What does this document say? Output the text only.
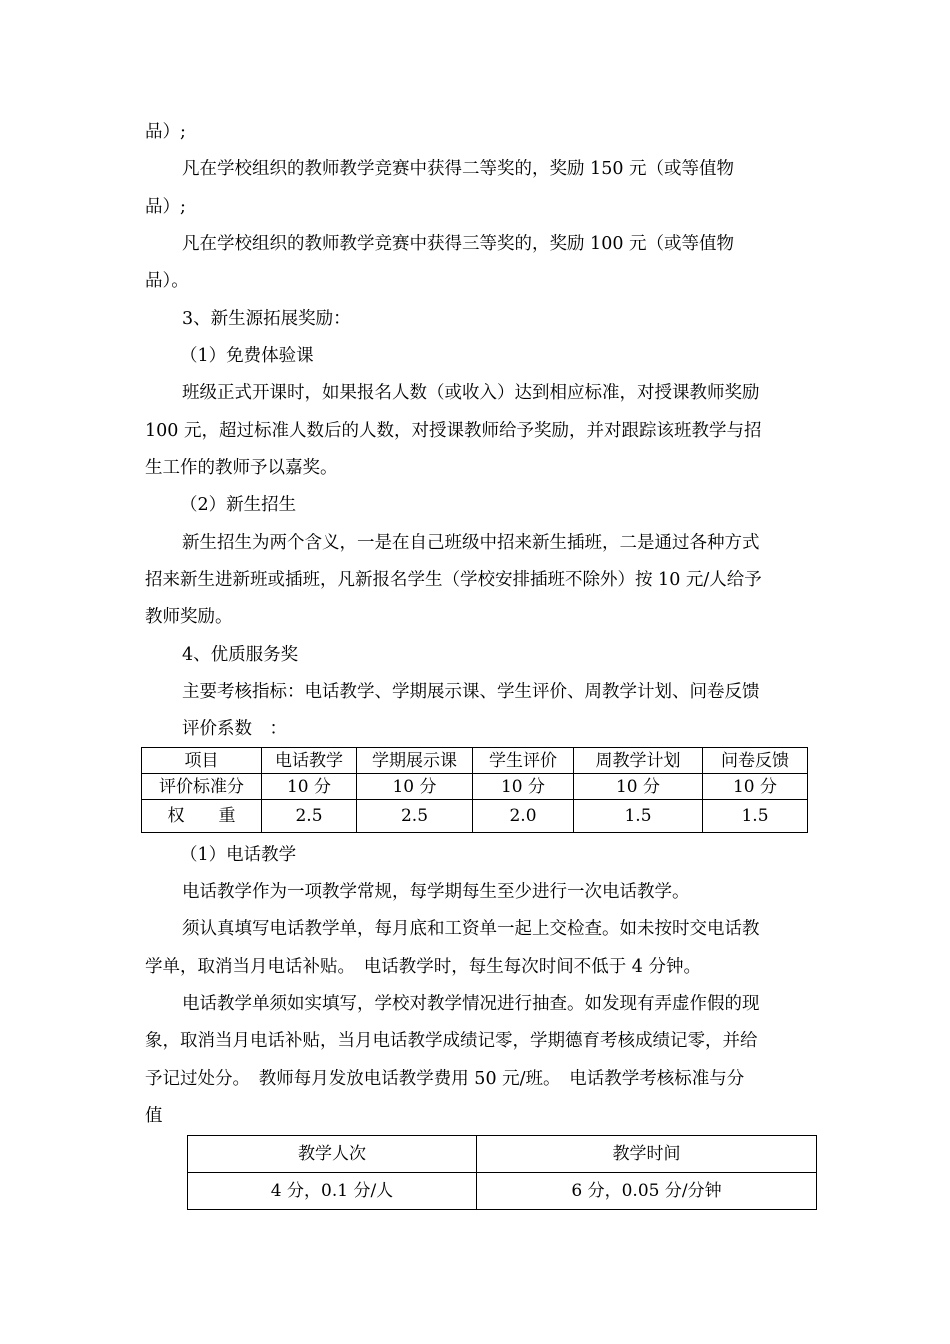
品）;
凡在学校组织的教师教学竞赛中获得二等奖的，奖励 150 元（或等值物
品）;
凡在学校组织的教师教学竞赛中获得三等奖的，奖励 100 元（或等值物
品）。
3、新生源拓展奖励：
（1）免费体验课
班级正式开课时，如果报名人数（或收入）达到相应标准，对授课教师奖励
100 元，超过标准人数后的人数，对授课教师给予奖励，并对跟踪该班教学与招
生工作的教师予以嘉奖。
（2）新生招生
新生招生为两个含义，一是在自己班级中招来新生插班，二是通过各种方式
招来新生进新班或插班，凡新报名学生（学校安排插班不除外）按 10 元/人给予
教师奖励。
4、优质服务奖
主要考核指标：电话教学、学期展示课、学生评价、周教学计划、问卷反馈
评价系数　：
项目	电话教学	学期展示课	学生评价	周教学计划	问卷反馈
评价标准分	10 分	10 分	10 分	10 分	10 分
权　　重	2.5	2.5	2.0	1.5	1.5
（1）电话教学
电话教学作为一项教学常规，每学期每生至少进行一次电话教学。
须认真填写电话教学单，每月底和工资单一起上交检查。如未按时交电话教
学单，取消当月电话补贴。　电话教学时，每生每次时间不低于 4 分钟。
电话教学单须如实填写，学校对教学情况进行抽查。如发现有弄虚作假的现
象，取消当月电话补贴，当月电话教学成绩记零，学期德育考核成绩记零，并给
予记过处分。　教师每月发放电话教学费用 50 元/班。　电话教学考核标准与分
值
教学人次	教学时间
4 分，0.1 分/人	6 分，0.05 分/分钟
